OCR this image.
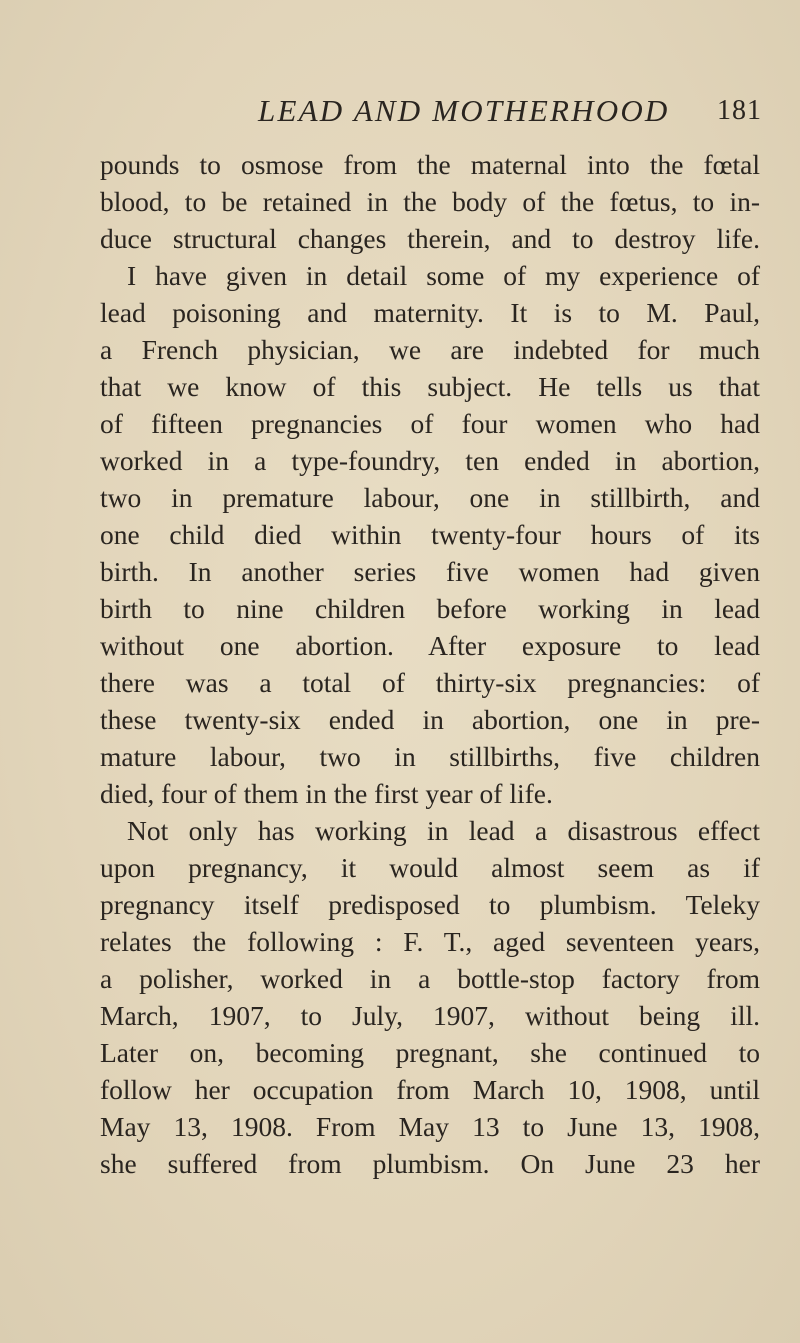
LEAD AND MOTHERHOOD 181
pounds to osmose from the maternal into the fœtal
blood, to be retained in the body of the fœtus, to in-
duce structural changes therein, and to destroy life.
I have given in detail some of my experience of
lead poisoning and maternity. It is to M. Paul,
a French physician, we are indebted for much
that we know of this subject. He tells us that
of fifteen pregnancies of four women who had
worked in a type-foundry, ten ended in abortion,
two in premature labour, one in stillbirth, and
one child died within twenty-four hours of its
birth. In another series five women had given
birth to nine children before working in lead
without one abortion. After exposure to lead
there was a total of thirty-six pregnancies: of
these twenty-six ended in abortion, one in pre-
mature labour, two in stillbirths, five children
died, four of them in the first year of life.
Not only has working in lead a disastrous effect
upon pregnancy, it would almost seem as if
pregnancy itself predisposed to plumbism. Teleky
relates the following : F. T., aged seventeen years,
a polisher, worked in a bottle-stop factory from
March, 1907, to July, 1907, without being ill.
Later on, becoming pregnant, she continued to
follow her occupation from March 10, 1908, until
May 13, 1908. From May 13 to June 13, 1908,
she suffered from plumbism. On June 23 her
